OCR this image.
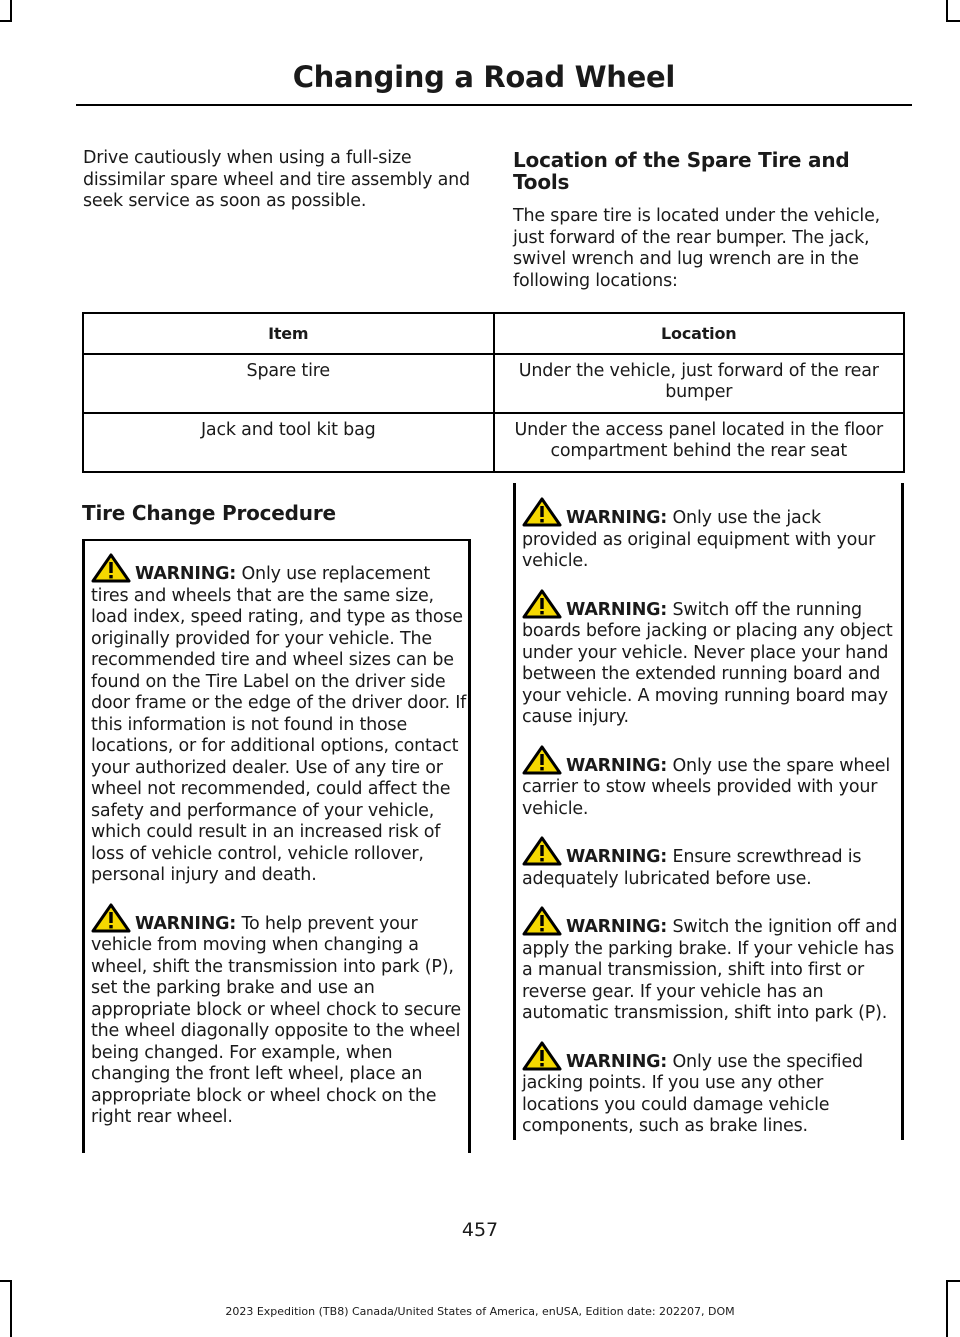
Changing a Road Wheel

Drive cautiously when using a full-size dissimilar spare wheel and tire assembly and seek service as soon as possible.

Location of the Spare Tire and Tools

The spare tire is located under the vehicle, just forward of the rear bumper. The jack, swivel wrench and lug wrench are in the following locations:

Item	Location
Spare tire	Under the vehicle, just forward of the rear bumper
Jack and tool kit bag	Under the access panel located in the floor compartment behind the rear seat
Tire Change Procedure

WARNING: Only use replacement tires and wheels that are the same size, load index, speed rating, and type as those originally provided for your vehicle. The recommended tire and wheel sizes can be found on the Tire Label on the driver side door frame or the edge of the driver door. If this information is not found in those locations, or for additional options, contact your authorized dealer. Use of any tire or wheel not recommended, could affect the safety and performance of your vehicle, which could result in an increased risk of loss of vehicle control, vehicle rollover, personal injury and death.

WARNING: To help prevent your vehicle from moving when changing a wheel, shift the transmission into park (P), set the parking brake and use an appropriate block or wheel chock to secure the wheel diagonally opposite to the wheel being changed. For example, when changing the front left wheel, place an appropriate block or wheel chock on the right rear wheel.

WARNING: Only use the jack provided as original equipment with your vehicle.

WARNING: Switch off the running boards before jacking or placing any object under your vehicle. Never place your hand between the extended running board and your vehicle. A moving running board may cause injury.

WARNING: Only use the spare wheel carrier to stow wheels provided with your vehicle.

WARNING: Ensure screwthread is adequately lubricated before use.

WARNING: Switch the ignition off and apply the parking brake. If your vehicle has a manual transmission, shift into first or reverse gear. If your vehicle has an automatic transmission, shift into park (P).

WARNING: Only use the specified jacking points. If you use any other locations you could damage vehicle components, such as brake lines.

457
2023 Expedition (TB8) Canada/United States of America, enUSA, Edition date: 202207, DOM
